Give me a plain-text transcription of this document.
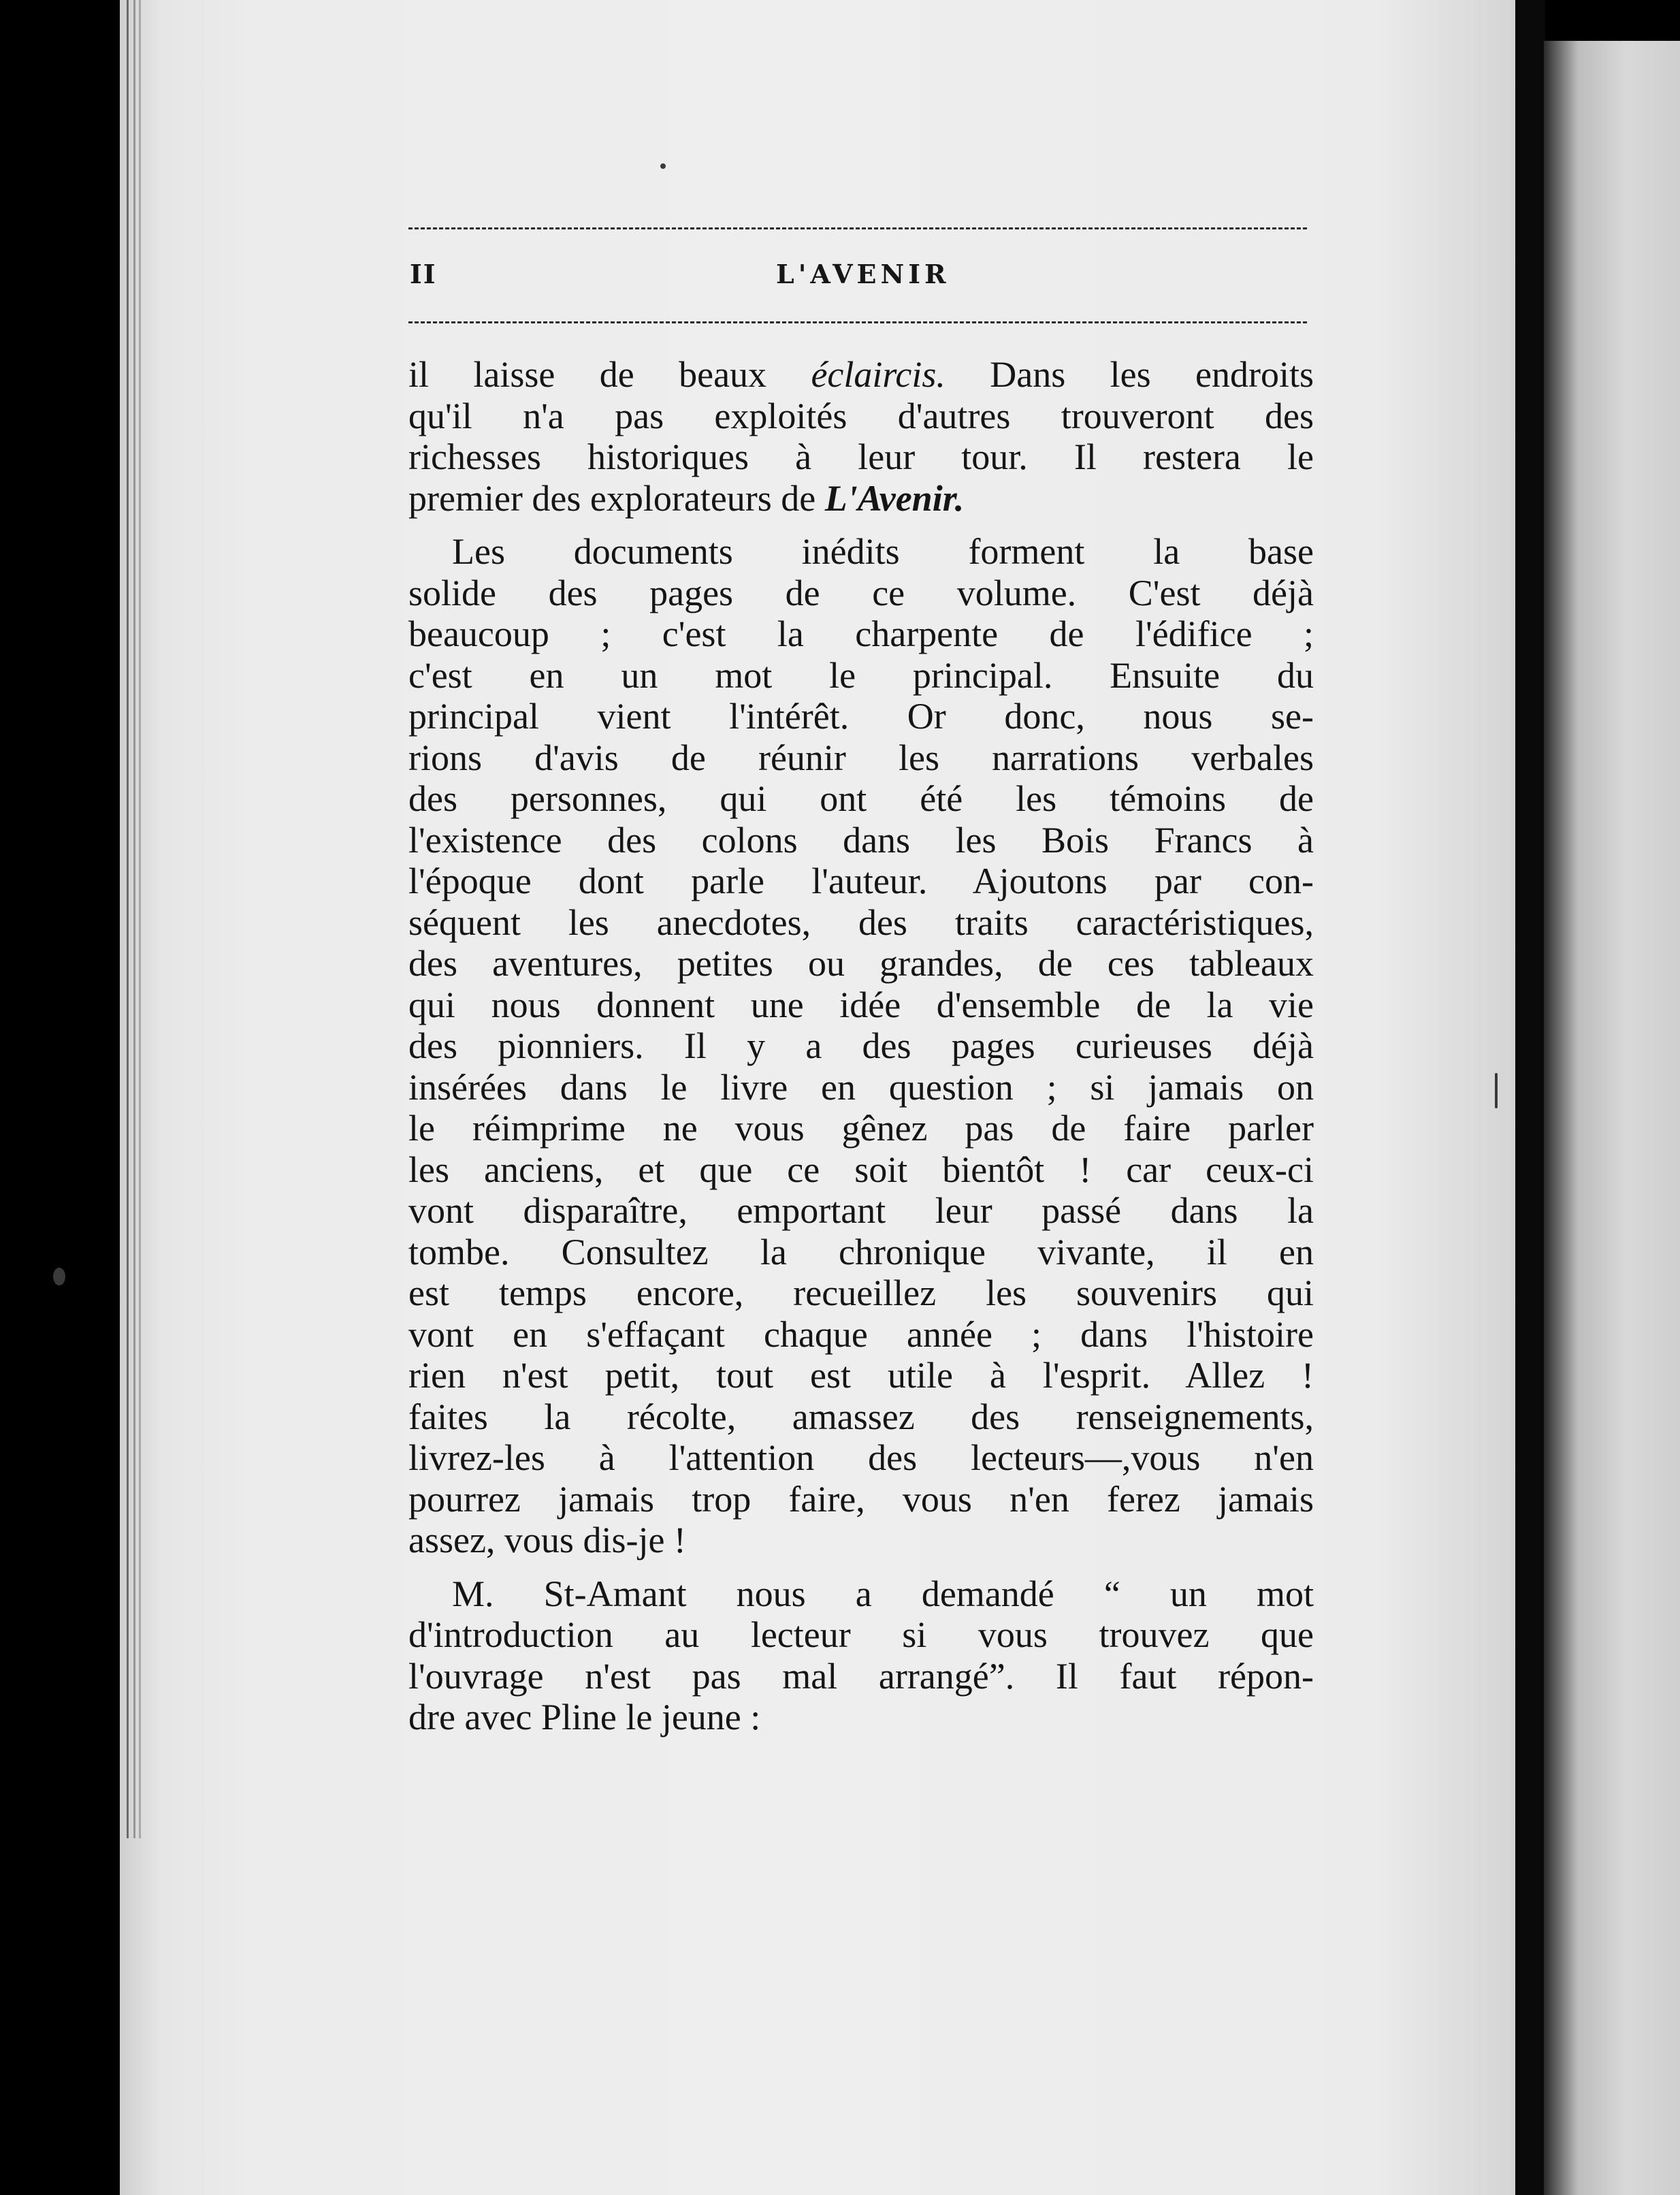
II	L'AVENIR
il laisse de beaux éclaircis. Dans les endroits
qu'il n'a pas exploités d'autres trouveront des
richesses historiques à leur tour. Il restera le
premier des explorateurs de L'Avenir.
Les documents inédits forment la base
solide des pages de ce volume. C'est déjà
beaucoup ; c'est la charpente de l'édifice ;
c'est en un mot le principal. Ensuite du
principal vient l'intérêt. Or donc, nous se-
rions d'avis de réunir les narrations verbales
des personnes, qui ont été les témoins de
l'existence des colons dans les Bois Francs à
l'époque dont parle l'auteur. Ajoutons par con-
séquent les anecdotes, des traits caractéristiques,
des aventures, petites ou grandes, de ces tableaux
qui nous donnent une idée d'ensemble de la vie
des pionniers. Il y a des pages curieuses déjà
insérées dans le livre en question ; si jamais on
le réimprime ne vous gênez pas de faire parler
les anciens, et que ce soit bientôt ! car ceux-ci
vont disparaître, emportant leur passé dans la
tombe. Consultez la chronique vivante, il en
est temps encore, recueillez les souvenirs qui
vont en s'effaçant chaque année ; dans l'histoire
rien n'est petit, tout est utile à l'esprit. Allez !
faites la récolte, amassez des renseignements,
livrez-les à l'attention des lecteurs—,vous n'en
pourrez jamais trop faire, vous n'en ferez jamais
assez, vous dis-je !
M. St-Amant nous a demandé “ un mot
d'introduction au lecteur si vous trouvez que
l'ouvrage n'est pas mal arrangé”. Il faut répon-
dre avec Pline le jeune :
